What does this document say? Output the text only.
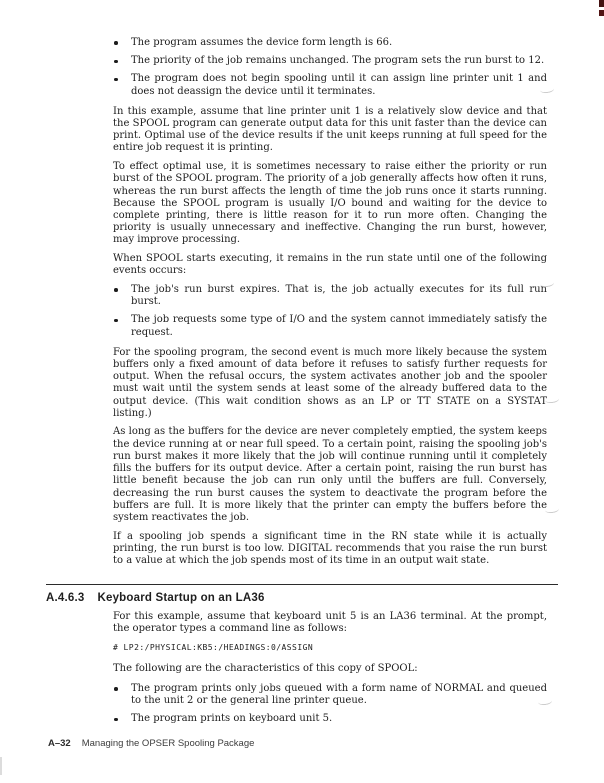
The program assumes the device form length is 66.
The priority of the job remains unchanged. The program sets the run burst to 12.
The program does not begin spooling until it can assign line printer unit 1 and does not deassign the device until it terminates.

In this example, assume that line printer unit 1 is a relatively slow device and that the SPOOL program can generate output data for this unit faster than the device can print. Optimal use of the device results if the unit keeps running at full speed for the entire job request it is printing.

To effect optimal use, it is sometimes necessary to raise either the priority or run burst of the SPOOL program. The priority of a job generally affects how often it runs, whereas the run burst affects the length of time the job runs once it starts running. Because the SPOOL program is usually I/O bound and waiting for the device to complete printing, there is little reason for it to run more often. Changing the priority is usually unnecessary and ineffective. Changing the run burst, however, may improve processing.

When SPOOL starts executing, it remains in the run state until one of the following events occurs:

The job's run burst expires. That is, the job actually executes for its full run burst.
The job requests some type of I/O and the system cannot immediately satisfy the request.

For the spooling program, the second event is much more likely because the system buffers only a fixed amount of data before it refuses to satisfy further requests for output. When the refusal occurs, the system activates another job and the spooler must wait until the system sends at least some of the already buffered data to the output device. (This wait condition shows as an LP or TT STATE on a SYSTAT listing.)

As long as the buffers for the device are never completely emptied, the system keeps the device running at or near full speed. To a certain point, raising the spooling job's run burst makes it more likely that the job will continue running until it completely fills the buffers for its output device. After a certain point, raising the run burst has little benefit because the job can run only until the buffers are full. Conversely, decreasing the run burst causes the system to deactivate the program before the buffers are full. It is more likely that the printer can empty the buffers before the system reactivates the job.

If a spooling job spends a significant time in the RN state while it is actually printing, the run burst is too low. DIGITAL recommends that you raise the run burst to a value at which the job spends most of its time in an output wait state.

A.4.6.3 Keyboard Startup on an LA36

For this example, assume that keyboard unit 5 is an LA36 terminal. At the prompt, the operator types a command line as follows:

# LP2:/PHYSICAL:KB5:/HEADINGS:0/ASSIGN

The following are the characteristics of this copy of SPOOL:

The program prints only jobs queued with a form name of NORMAL and queued to the unit 2 or the general line printer queue.
The program prints on keyboard unit 5.
A–32 Managing the OPSER Spooling Package
